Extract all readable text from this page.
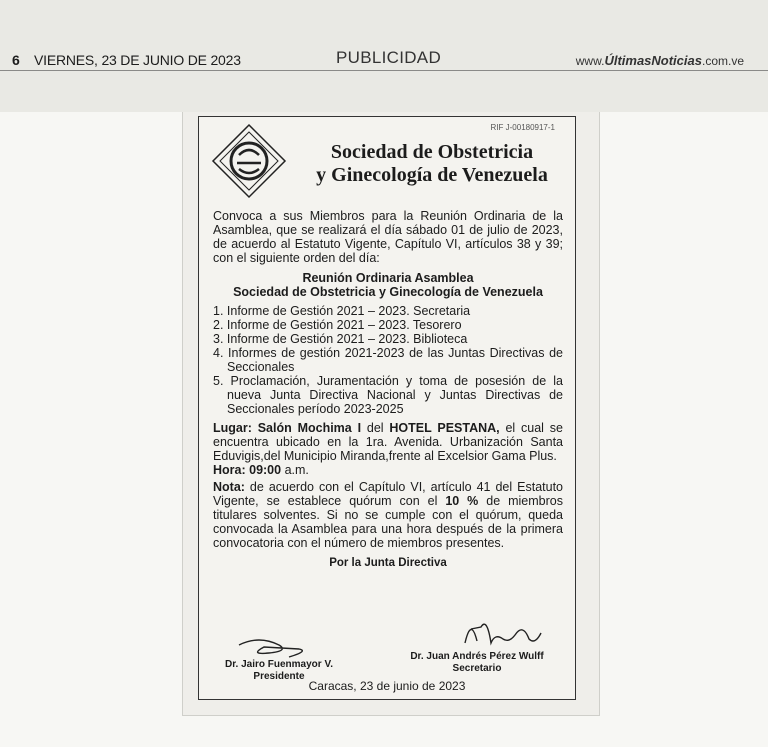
6 VIERNES, 23 DE JUNIO DE 2023	PUBLICIDAD	www.ÚltimasNoticias.com.ve
RIF J-00180917-1
Sociedad de Obstetricia
y Ginecología de Venezuela
Convoca a sus Miembros para la Reunión Ordinaria de la Asamblea, que se realizará el día sábado 01 de julio de 2023, de acuerdo al Estatuto Vigente, Capítulo VI, artículos 38 y 39; con el siguiente orden del día:
Reunión Ordinaria Asamblea
Sociedad de Obstetricia y Ginecología de Venezuela
1. Informe de Gestión 2021 – 2023. Secretaria
2. Informe de Gestión 2021 – 2023. Tesorero
3. Informe de Gestión 2021 – 2023. Biblioteca
4. Informes de gestión 2021-2023 de las Juntas Directivas de Seccionales
5. Proclamación, Juramentación y toma de posesión de la nueva Junta Directiva Nacional y Juntas Directivas de Seccionales período 2023-2025
Lugar: Salón Mochima I del HOTEL PESTANA, el cual se encuentra ubicado en la 1ra. Avenida. Urbanización Santa Eduvigis,del Municipio Miranda,frente al Excelsior Gama Plus.
Hora: 09:00 a.m.
Nota: de acuerdo con el Capítulo VI, artículo 41 del Estatuto Vigente, se establece quórum con el 10 % de miembros titulares solventes. Si no se cumple con el quórum, queda convocada la Asamblea para una hora después de la primera convocatoria con el número de miembros presentes.
Por la Junta Directiva
Dr. Jairo Fuenmayor V.
Presidente
Dr. Juan Andrés Pérez Wulff
Secretario
Caracas, 23 de junio de 2023
